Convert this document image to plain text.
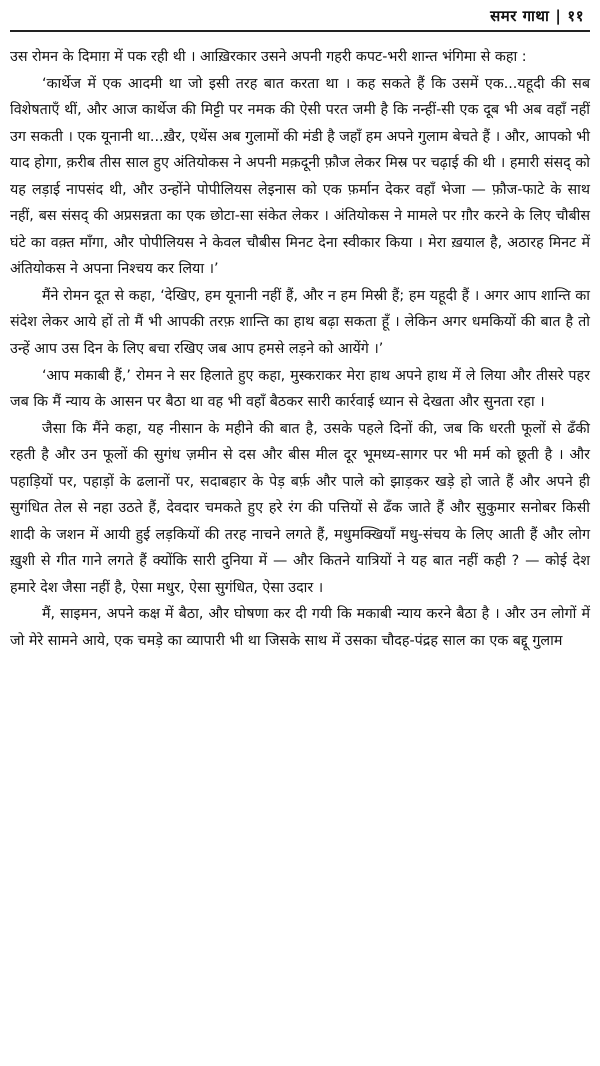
समर गाथा | ११

उस रोमन के दिमाग़ में पक रही थी । आख़िरकार उसने अपनी गहरी कपट-भरी शान्त भंगिमा से कहा :

‘कार्थेज में एक आदमी था जो इसी तरह बात करता था । कह सकते हैं कि उसमें एक...यहूदी की सब विशेषताएँ थीं, और आज कार्थेज की मिट्टी पर नमक की ऐसी परत जमी है कि नन्हीं-सी एक दूब भी अब वहाँ नहीं उग सकती । एक यूनानी था...ख़ैर, एथेंस अब गुलामों की मंडी है जहाँ हम अपने गुलाम बेचते हैं । और, आपको भी याद होगा, क़रीब तीस साल हुए अंतियोकस ने अपनी मक़दूनी फ़ौज लेकर मिस्र पर चढ़ाई की थी । हमारी संसद् को यह लड़ाई नापसंद थी, और उन्होंने पोपीलियस लेइनास को एक फ़र्मान देकर वहाँ भेजा — फ़ौज-फाटे के साथ नहीं, बस संसद् की अप्रसन्नता का एक छोटा-सा संकेत लेकर । अंतियोकस ने मामले पर ग़ौर करने के लिए चौबीस घंटे का वक़्त माँगा, और पोपीलियस ने केवल चौबीस मिनट देना स्वीकार किया । मेरा ख़याल है, अठारह मिनट में अंतियोकस ने अपना निश्चय कर लिया ।’

मैंने रोमन दूत से कहा, ‘देखिए, हम यूनानी नहीं हैं, और न हम मिस्री हैं; हम यहूदी हैं । अगर आप शान्ति का संदेश लेकर आये हों तो मैं भी आपकी तरफ़ शान्ति का हाथ बढ़ा सकता हूँ । लेकिन अगर धमकियों की बात है तो उन्हें आप उस दिन के लिए बचा रखिए जब आप हमसे लड़ने को आयेंगे ।’

‘आप मकाबी हैं,’ रोमन ने सर हिलाते हुए कहा, मुस्कराकर मेरा हाथ अपने हाथ में ले लिया और तीसरे पहर जब कि मैं न्याय के आसन पर बैठा था वह भी वहाँ बैठकर सारी कार्रवाई ध्यान से देखता और सुनता रहा ।

जैसा कि मैंने कहा, यह नीसान के महीने की बात है, उसके पहले दिनों की, जब कि धरती फूलों से ढँकी रहती है और उन फूलों की सुगंध ज़मीन से दस और बीस मील दूर भूमध्य-सागर पर भी मर्म को छूती है । और पहाड़ियों पर, पहाड़ों के ढलानों पर, सदाबहार के पेड़ बर्फ़ और पाले को झाड़कर खड़े हो जाते हैं और अपने ही सुगंधित तेल से नहा उठते हैं, देवदार चमकते हुए हरे रंग की पत्तियों से ढँक जाते हैं और सुकुमार सनोबर किसी शादी के जशन में आयी हुई लड़कियों की तरह नाचने लगते हैं, मधुमक्खियाँ मधु-संचय के लिए आती हैं और लोग ख़ुशी से गीत गाने लगते हैं क्योंकि सारी दुनिया में — और कितने यात्रियों ने यह बात नहीं कही ? — कोई देश हमारे देश जैसा नहीं है, ऐसा मधुर, ऐसा सुगंधित, ऐसा उदार ।

मैं, साइमन, अपने कक्ष में बैठा, और घोषणा कर दी गयी कि मकाबी न्याय करने बैठा है । और उन लोगों में जो मेरे सामने आये, एक चमड़े का व्यापारी भी था जिसके साथ में उसका चौदह-पंद्रह साल का एक बद्दू गुलाम
